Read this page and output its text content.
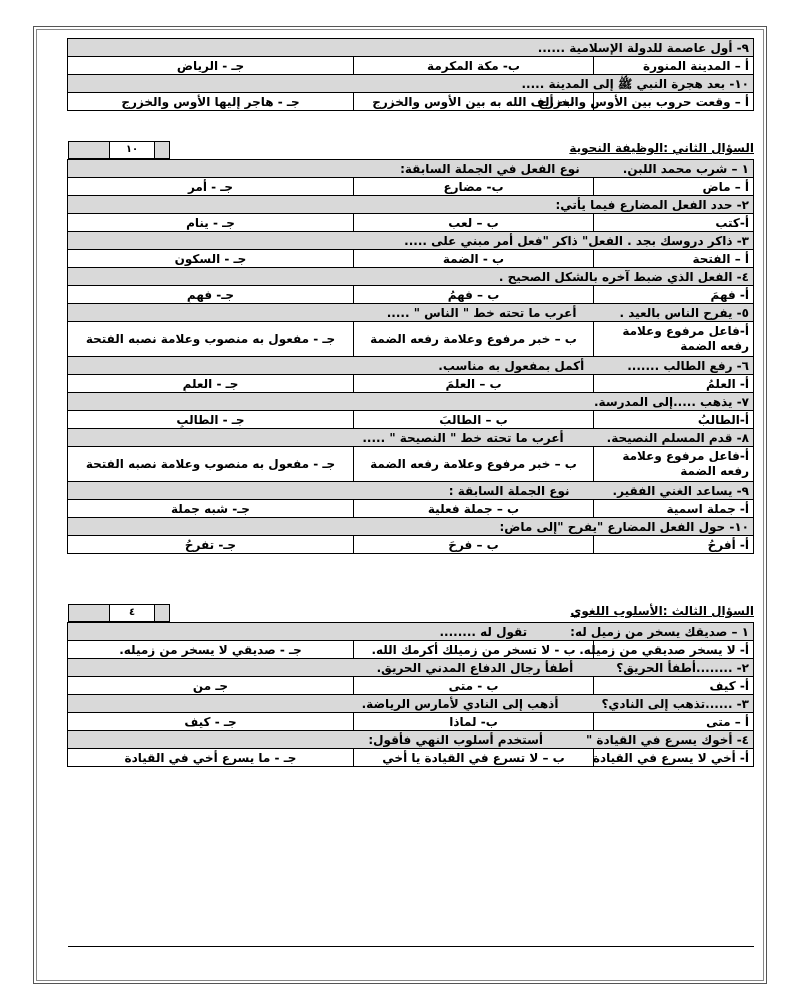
٩- أول عاصمة للدولة الإسلامية ......		
أ – المدينة المنورة	ب- مكة المكرمة	جـ - الرياض
١٠- بعد هجرة النبي ﷺ إلى المدينة .....		
أ – وقعت حروب بين الأوس والخزرج	ب- ألف الله به بين الأوس والخزرج	جـ - هاجر إليها الأوس والخزرج
السؤال الثاني :الوظيفة النحوية
١٠
١ – شرب محمد اللبن.نوع الفعل في الجملة السابقة:		
أ – ماض	ب- مضارع	جـ - أمر
٢- حدد الفعل المضارع فيما يأتي:		
أ-كتب	ب – لعب	جـ - ينام
٣- ذاكر دروسك بجد . الفعل" ذاكر "فعل أمر مبني على .....		
أ – الفتحة	ب - الضمة	جـ - السكون
٤- الفعل الذي ضبط آخره بالشكل الصحيح .		
أ- فهمَ	ب – فهمُ	جـ- فهمِ
٥- يفرح الناس بالعيد .أعرب ما تحته خط " الناس " .....		
أ-فاعل مرفوع وعلامة رفعه الضمة	ب – خبر مرفوع وعلامة رفعه الضمة	جـ - مفعول به منصوب وعلامة نصبه الفتحة
٦- رفع الطالب .......أكمل بمفعول به مناسب.		
أ- العلمُ	ب – العلمَ	جـ - العلمِ
٧- يذهب .....إلى المدرسة.		
أ-الطالبُ	ب – الطالبَ	جـ - الطالبِ
٨- قدم المسلم النصيحة.أعرب ما تحته خط " النصيحة " .....		
أ-فاعل مرفوع وعلامة رفعه الضمة	ب – خبر مرفوع وعلامة رفعه الضمة	جـ - مفعول به منصوب وعلامة نصبه الفتحة
٩- يساعد الغني الفقير.نوع الجملة السابقة :		
أ- جملة اسمية	ب – جملة فعلية	جـ- شبه جملة
١٠- حول الفعل المضارع "يفرح "إلى ماض:		
أ- أفرحُ	ب – فرحَ	جـ- تفرحُ
السؤال الثالث :الأسلوب اللغوي
٤
١ – صديقك يسخر من زميل له:تقول له ........		
أ- لا يسخر صديقي من زميله.	ب - لا تسخر من زميلك أكرمك الله.	جـ - صديقي لا يسخر من زميله.
٢- ........أطفأ الحريق؟أطفأ رجال الدفاع المدني الحريق.		
أ- كيف	ب - متى	جـ من
٣- ......تذهب إلى النادي؟أذهب إلى النادي لأمارس الرياضة.		
أ – متى	ب- لماذا	جـ - كيف
٤- أخوك يسرع في القيادة "أستخدم أسلوب النهي فأقول:		
أ- أخي لا يسرع في القيادة	ب – لا تسرع في القيادة يا أخي	جـ - ما يسرع أخي في القيادة
